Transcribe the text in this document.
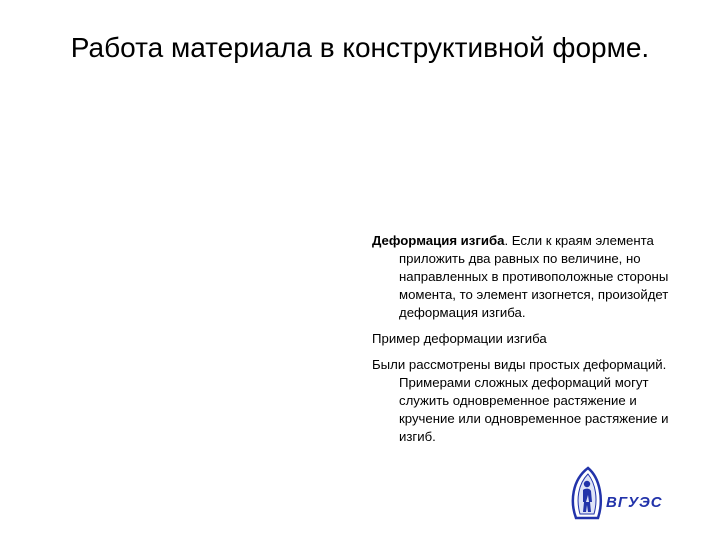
Работа материала в конструктивной форме.

Деформация изгиба. Если к краям элемента приложить два равных по величине, но направленных в противоположные стороны момента, то элемент изогнется, произойдет деформация изгиба.

Пример деформации изгиба

Были рассмотрены виды простых деформаций. Примерами сложных деформаций могут служить одновременное растяжение и кручение или одновременное растяжение и изгиб.

ВГУЭС
